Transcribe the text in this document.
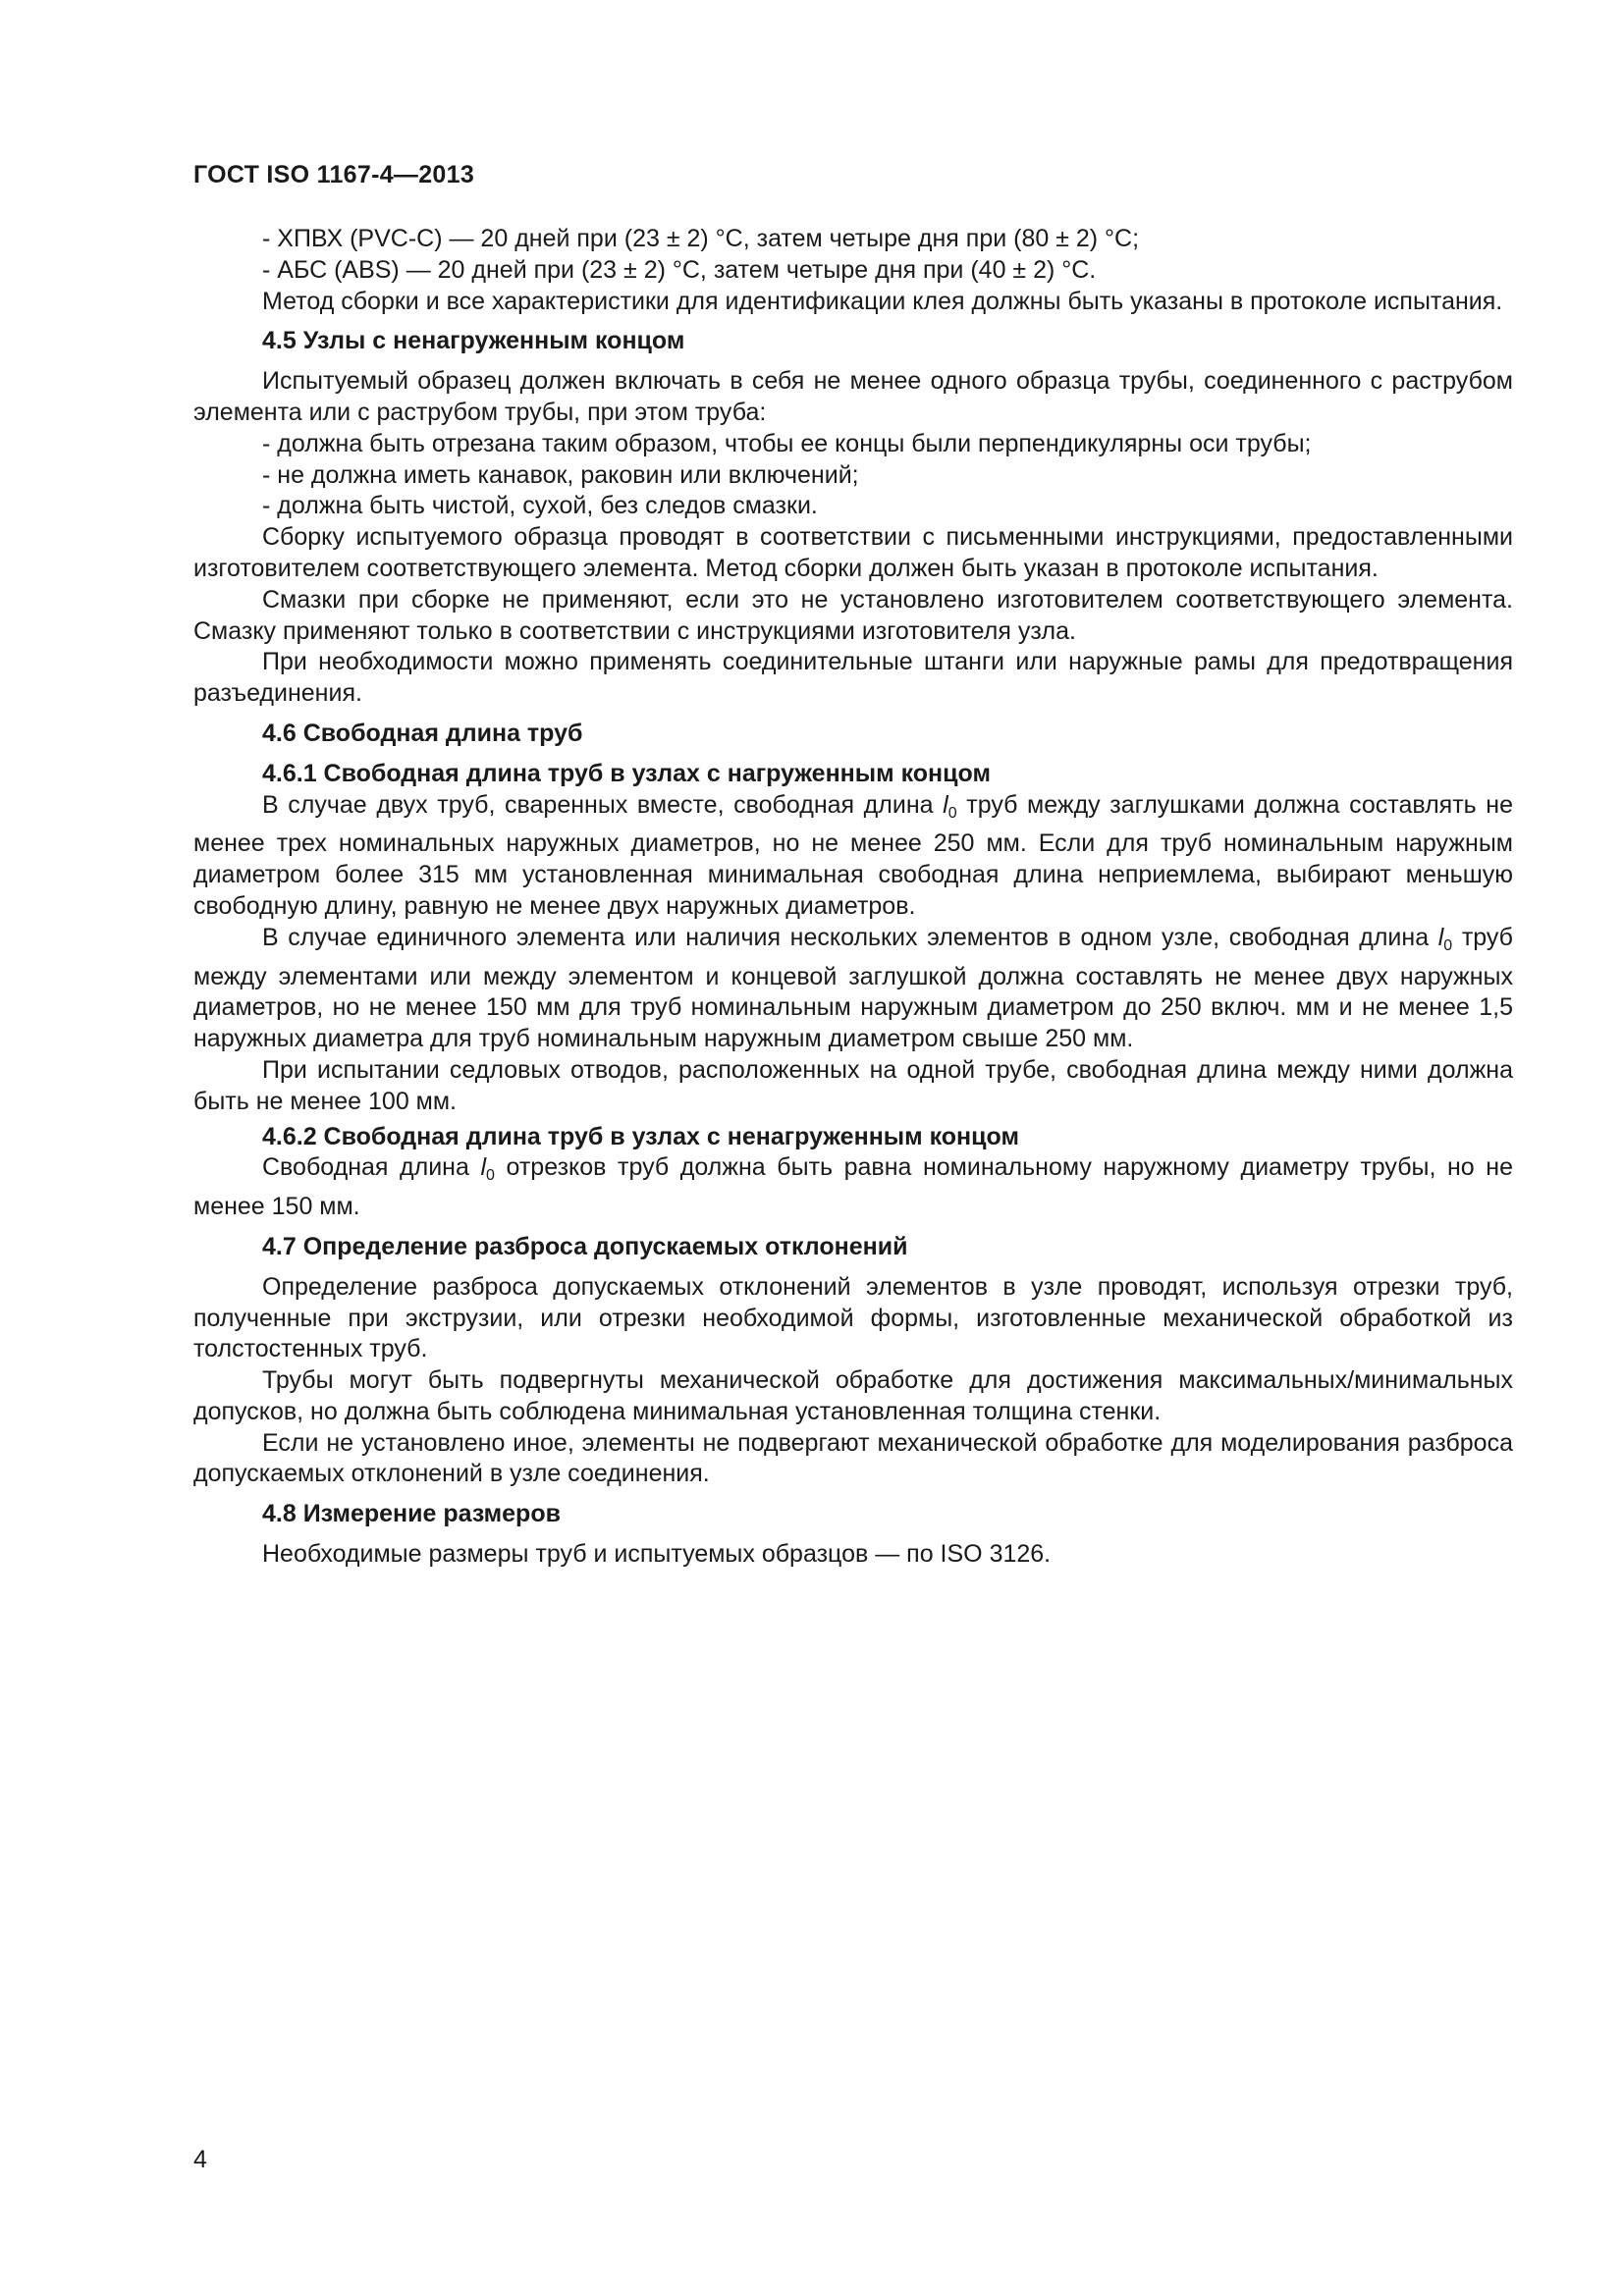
ГОСТ ISO 1167-4—2013

- ХПВХ (PVC-C) — 20 дней при (23 ± 2) °C, затем четыре дня при (80 ± 2) °C;

- АБС (ABS) — 20 дней при (23 ± 2) °C, затем четыре дня при (40 ± 2) °C.

Метод сборки и все характеристики для идентификации клея должны быть указаны в протоколе испытания.

4.5 Узлы с ненагруженным концом

Испытуемый образец должен включать в себя не менее одного образца трубы, соединенного с раструбом элемента или с раструбом трубы, при этом труба:

- должна быть отрезана таким образом, чтобы ее концы были перпендикулярны оси трубы;

- не должна иметь канавок, раковин или включений;

- должна быть чистой, сухой, без следов смазки.

Сборку испытуемого образца проводят в соответствии с письменными инструкциями, предоставленными изготовителем соответствующего элемента. Метод сборки должен быть указан в протоколе испытания.

Смазки при сборке не применяют, если это не установлено изготовителем соответствующего элемента. Смазку применяют только в соответствии с инструкциями изготовителя узла.

При необходимости можно применять соединительные штанги или наружные рамы для предотвращения разъединения.

4.6 Свободная длина труб
4.6.1 Свободная длина труб в узлах с нагруженным концом

В случае двух труб, сваренных вместе, свободная длина $l_0$ труб между заглушками должна составлять не менее трех номинальных наружных диаметров, но не менее 250 мм. Если для труб номинальным наружным диаметром более 315 мм установленная минимальная свободная длина неприемлема, выбирают меньшую свободную длину, равную не менее двух наружных диаметров.

В случае единичного элемента или наличия нескольких элементов в одном узле, свободная длина $l_0$ труб между элементами или между элементом и концевой заглушкой должна составлять не менее двух наружных диаметров, но не менее 150 мм для труб номинальным наружным диаметром до 250 включ. мм и не менее 1,5 наружных диаметра для труб номинальным наружным диаметром свыше 250 мм.

При испытании седловых отводов, расположенных на одной трубе, свободная длина между ними должна быть не менее 100 мм.

4.6.2 Свободная длина труб в узлах с ненагруженным концом

Свободная длина $l_0$ отрезков труб должна быть равна номинальному наружному диаметру трубы, но не менее 150 мм.

4.7 Определение разброса допускаемых отклонений

Определение разброса допускаемых отклонений элементов в узле проводят, используя отрезки труб, полученные при экструзии, или отрезки необходимой формы, изготовленные механической обработкой из толстостенных труб.

Трубы могут быть подвергнуты механической обработке для достижения максимальных/минимальных допусков, но должна быть соблюдена минимальная установленная толщина стенки.

Если не установлено иное, элементы не подвергают механической обработке для моделирования разброса допускаемых отклонений в узле соединения.

4.8 Измерение размеров

Необходимые размеры труб и испытуемых образцов — по ISO 3126.

4
